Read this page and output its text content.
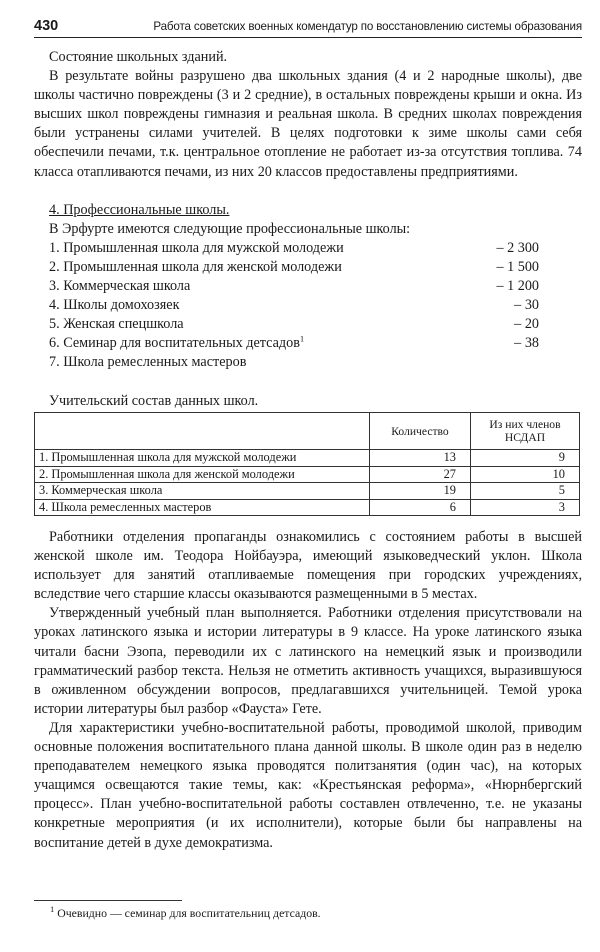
430	Работа советских военных комендатур по восстановлению системы образования
Состояние школьных зданий.

В результате войны разрушено два школьных здания (4 и 2 народные школы), две школы частично повреждены (3 и 2 средние), в остальных повреждены крыши и окна. Из высших школ повреждены гимназия и реальная школа. В средних школах повреждения были устранены силами учителей. В целях подготовки к зиме школы сами себя обеспечили печами, т.к. центральное отопление не работает из-за отсутствия топлива. 74 класса отапливаются печами, из них 20 классов предоставлены предприятиями.

4. Профессиональные школы.
В Эрфурте имеются следующие профессиональные школы:
1. Промышленная школа для мужской молодежи	– 2 300
2. Промышленная школа для женской молодежи	– 1 500
3. Коммерческая школа	– 1 200
4. Школы домохозяек	– 30
5. Женская спецшкола	– 20
6. Семинар для воспитательных детсадов$^1$	– 38
7. Школа ремесленных мастеров
Учительский состав данных школ.
	Количество	Из них членов НСДАП
1. Промышленная школа для мужской молодежи	13	9
2. Промышленная школа для женской молодежи	27	10
3. Коммерческая школа	19	5
4. Школа ремесленных мастеров	6	3

Работники отделения пропаганды ознакомились с состоянием работы в высшей женской школе им. Теодора Нойбауэра, имеющий языковедческий уклон. Школа использует для занятий отапливаемые помещения при городских учреждениях, вследствие чего старшие классы оказываются размещенными в 5 местах.

Утвержденный учебный план выполняется. Работники отделения присутствовали на уроках латинского языка и истории литературы в 9 классе. На уроке латинского языка читали басни Эзопа, переводили их с латинского на немецкий язык и производили грамматический разбор текста. Нельзя не отметить активность учащихся, выразившуюся в оживленном обсуждении вопросов, предлагавшихся учительницей. Темой урока истории литературы был разбор «Фауста» Гете.

Для характеристики учебно-воспитательной работы, проводимой школой, приводим основные положения воспитательного плана данной школы. В школе один раз в неделю преподавателем немецкого языка проводятся политзанятия (один час), на которых учащимся освещаются такие темы, как: «Крестьянская реформа», «Нюрнбергский процесс». План учебно-воспитательной работы составлен отвлеченно, т.е. не указаны конкретные мероприятия (и их исполнители), которые были бы направлены на воспитание детей в духе демократизма.

$^1$ Очевидно — семинар для воспитательниц детсадов.
